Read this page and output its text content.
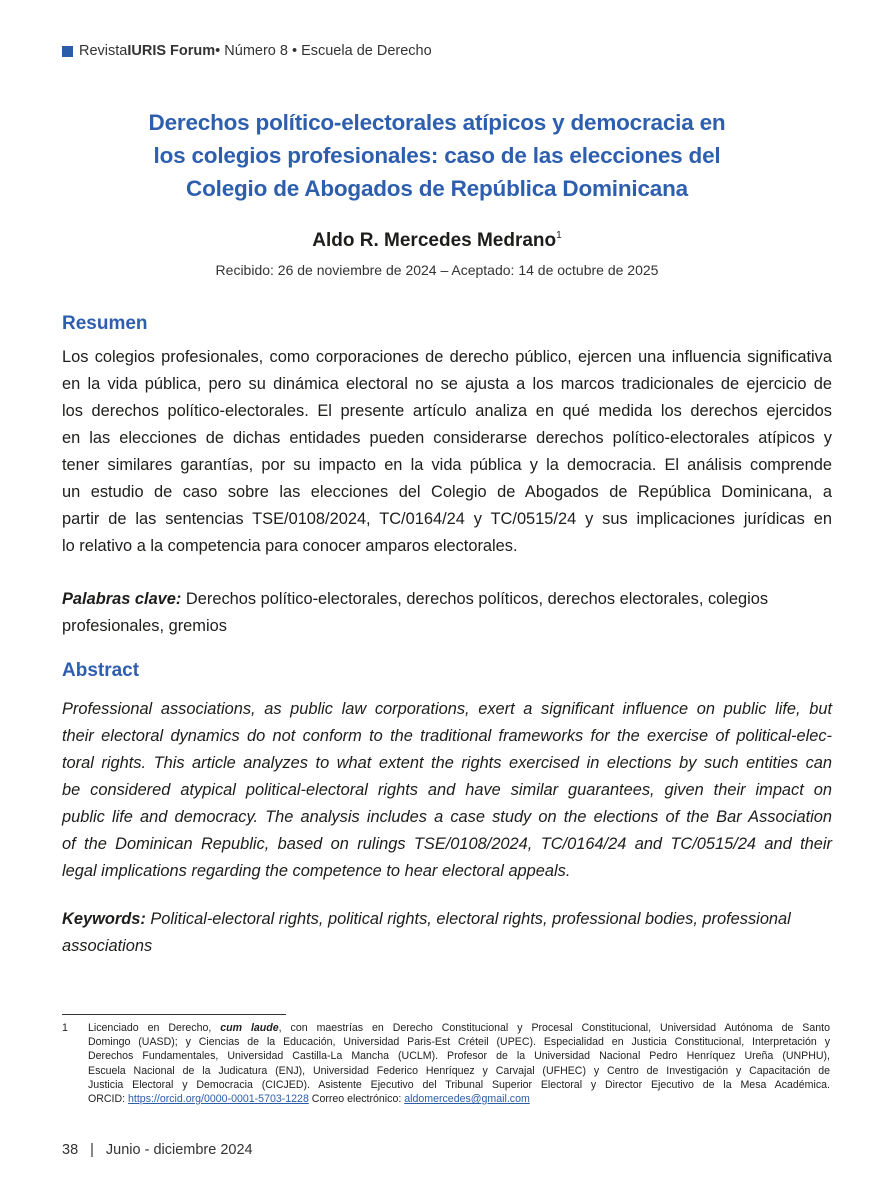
Revista IURIS Forum • Número 8 • Escuela de Derecho
Derechos político-electorales atípicos y democracia en
los colegios profesionales: caso de las elecciones del
Colegio de Abogados de República Dominicana
Aldo R. Mercedes Medrano$^1$
Recibido: 26 de noviembre de 2024 – Aceptado: 14 de octubre de 2025
Resumen
Los colegios profesionales, como corporaciones de derecho público, ejercen una influencia significativa
en la vida pública, pero su dinámica electoral no se ajusta a los marcos tradicionales de ejercicio de
los derechos político-electorales. El presente artículo analiza en qué medida los derechos ejercidos
en las elecciones de dichas entidades pueden considerarse derechos político-electorales atípicos y
tener similares garantías, por su impacto en la vida pública y la democracia. El análisis comprende
un estudio de caso sobre las elecciones del Colegio de Abogados de República Dominicana, a
partir de las sentencias TSE/0108/2024, TC/0164/24 y TC/0515/24 y sus implicaciones jurídicas en
lo relativo a la competencia para conocer amparos electorales.
Palabras clave: Derechos político-electorales, derechos políticos, derechos electorales, colegios
profesionales, gremios
Abstract
Professional associations, as public law corporations, exert a significant influence on public life, but
their electoral dynamics do not conform to the traditional frameworks for the exercise of political-elec-
toral rights. This article analyzes to what extent the rights exercised in elections by such entities can
be considered atypical political-electoral rights and have similar guarantees, given their impact on
public life and democracy. The analysis includes a case study on the elections of the Bar Association
of the Dominican Republic, based on rulings TSE/0108/2024, TC/0164/24 and TC/0515/24 and their
legal implications regarding the competence to hear electoral appeals.
Keywords: Political-electoral rights, political rights, electoral rights, professional bodies, professional
associations
1 Licenciado en Derecho, cum laude, con maestrías en Derecho Constitucional y Procesal Constitucional, Universidad Autónoma de Santo
Domingo (UASD); y Ciencias de la Educación, Universidad Paris-Est Créteil (UPEC). Especialidad en Justicia Constitucional, Interpretación y
Derechos Fundamentales, Universidad Castilla-La Mancha (UCLM). Profesor de la Universidad Nacional Pedro Henríquez Ureña (UNPHU),
Escuela Nacional de la Judicatura (ENJ), Universidad Federico Henríquez y Carvajal (UFHEC) y Centro de Investigación y Capacitación de
Justicia Electoral y Democracia (CICJED). Asistente Ejecutivo del Tribunal Superior Electoral y Director Ejecutivo de la Mesa Académica.
ORCID: https://orcid.org/0000-0001-5703-1228 Correo electrónico: aldomercedes@gmail.com
38 | Junio - diciembre 2024
